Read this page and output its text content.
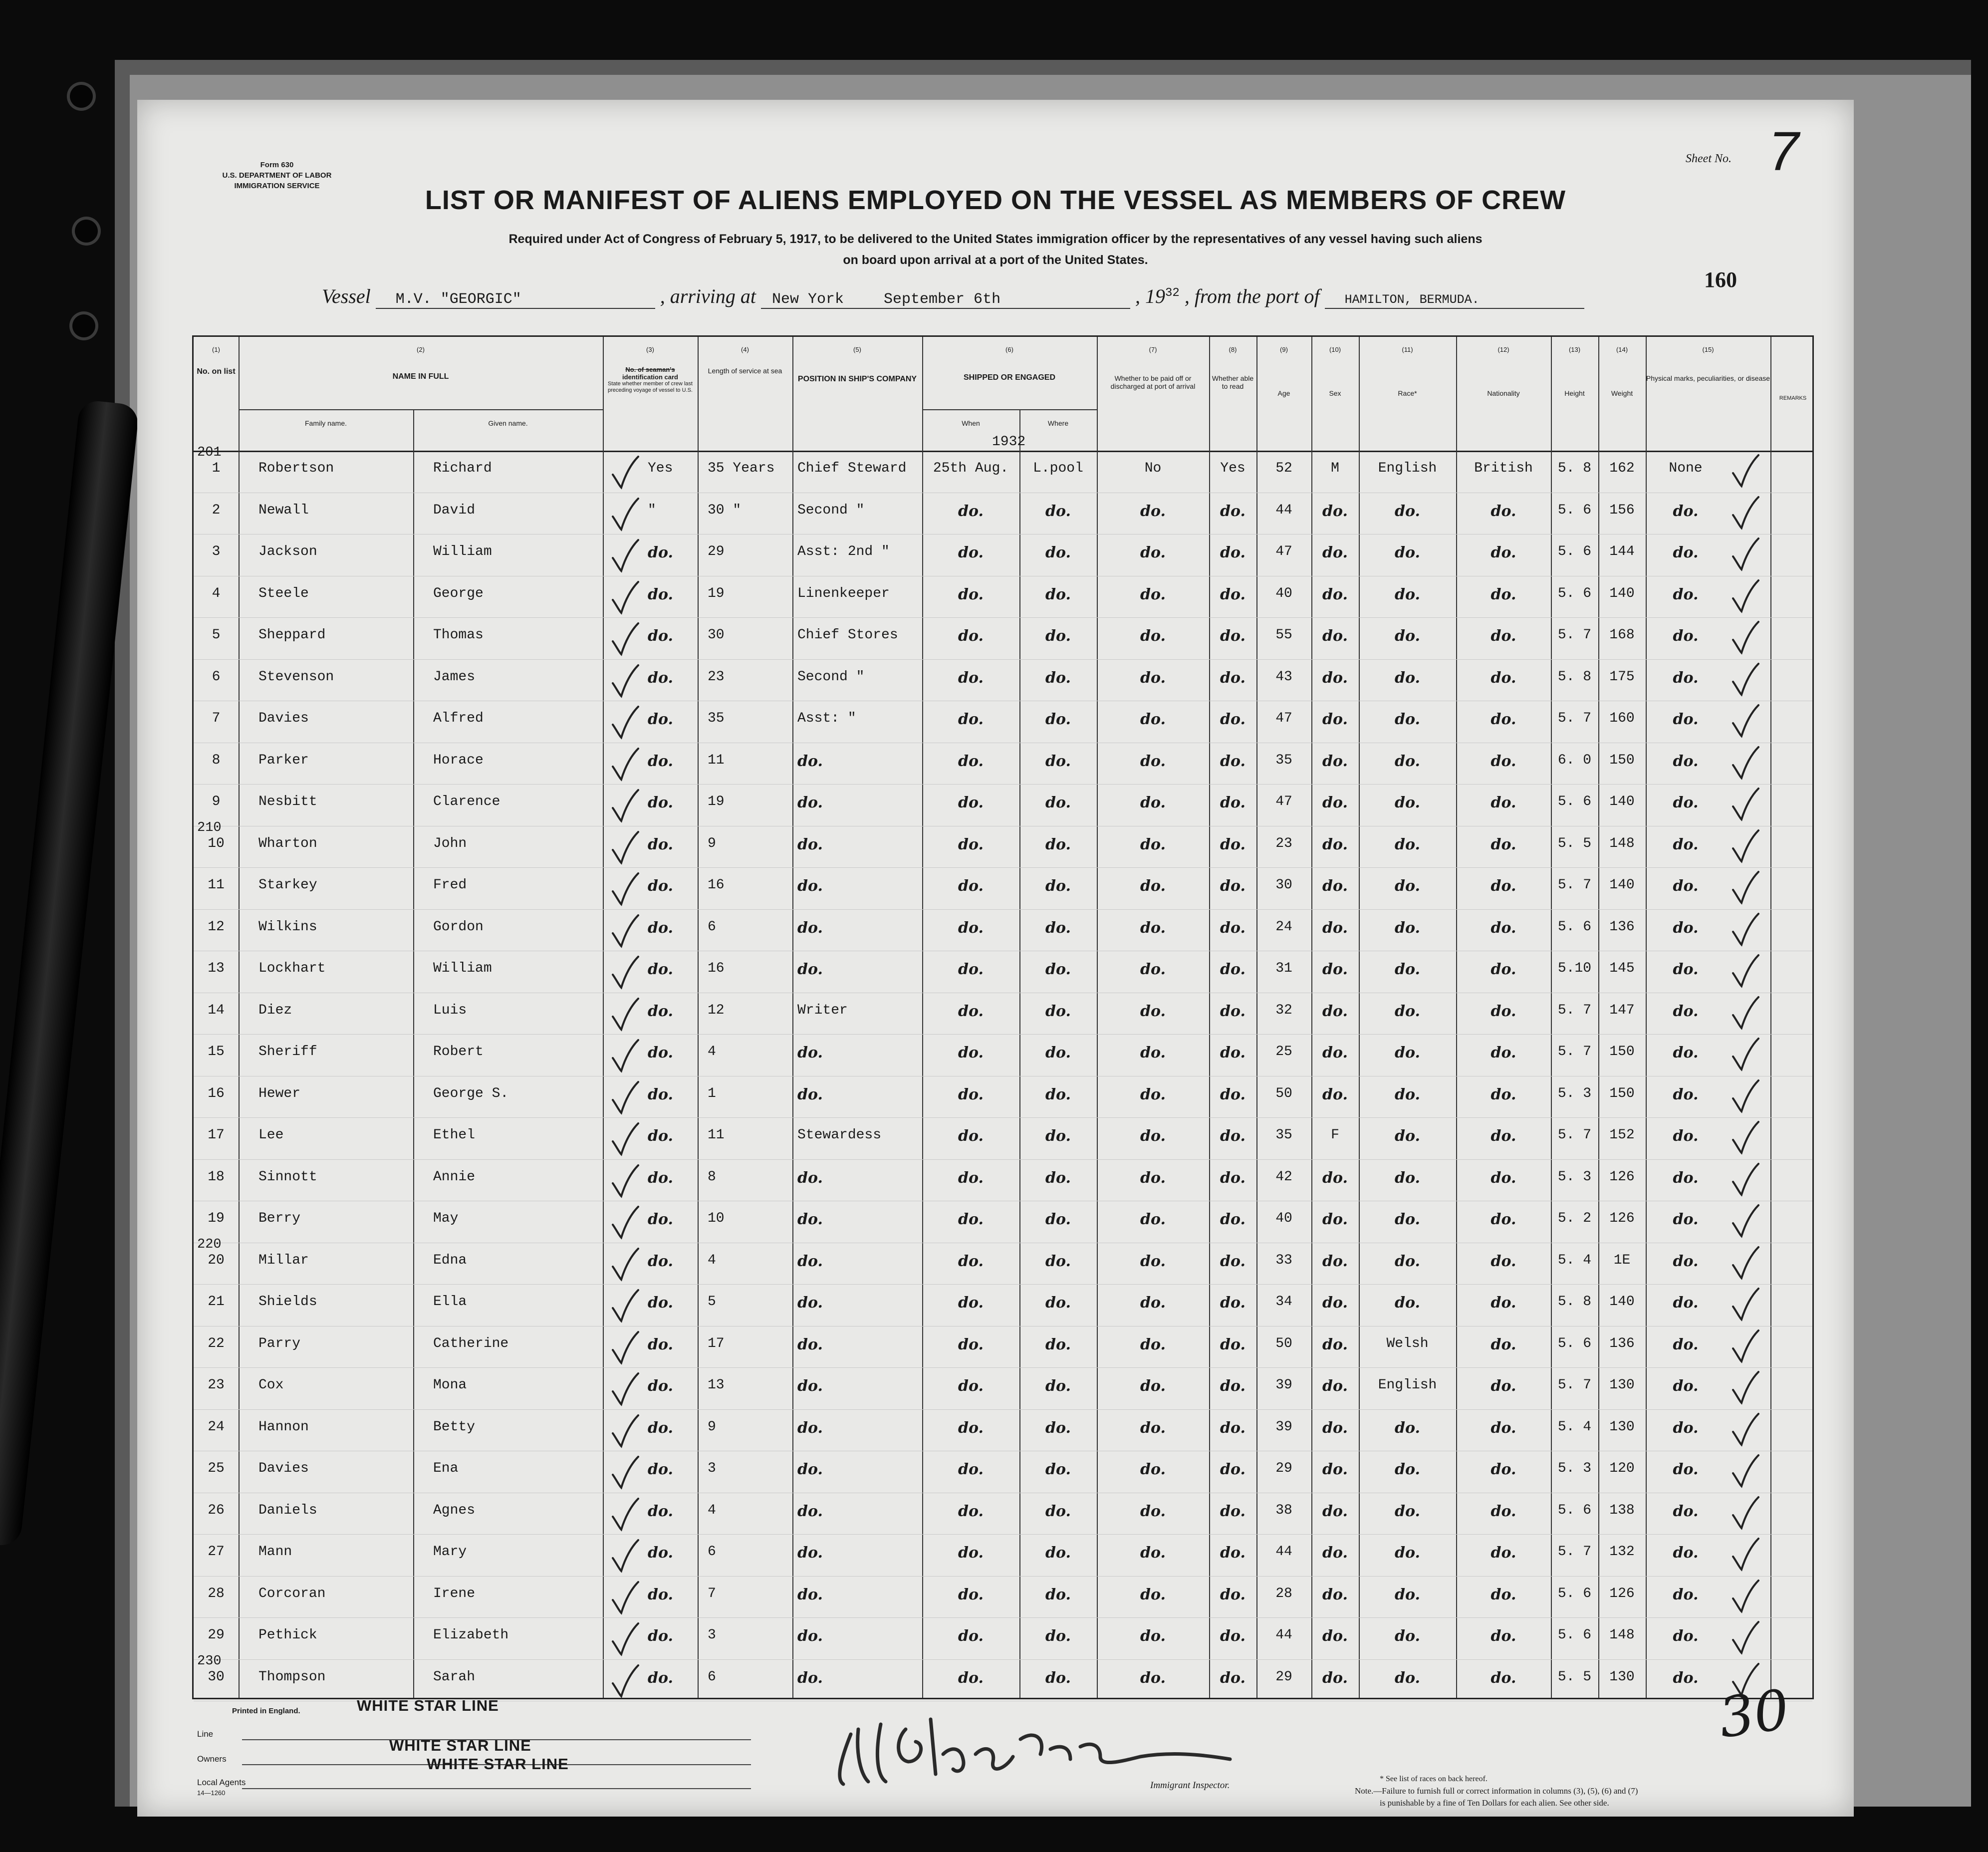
Form 630
U.S. DEPARTMENT OF LABOR
IMMIGRATION SERVICE
Sheet No. 7
LIST OR MANIFEST OF ALIENS EMPLOYED ON THE VESSEL AS MEMBERS OF CREW
Required under Act of Congress of February 5, 1917, to be delivered to the United States immigration officer by the representatives of any vessel having such aliens
on board upon arrival at a port of the United States.
Vessel M.V. "GEORGIC"	, arriving at New York	September 6th	, $19^{32}$ , from the port of HAMILTON, BERMUDA.
160
(1)	(2)	(3)	(4)	(5)	(6)	(7)	(8)	(9)	(10)	(11)	(12)	(13)	(14)	(15)
No. on list
NAME IN FULL
Family name.	Given name.
No. of seaman's
identification card
State whether member of crew last preceding voyage of vessel to U.S.
Length of service at sea
POSITION IN SHIP'S COMPANY	SHIPPED OR ENGAGED
When	Where
1932
Whether to be paid off or discharged at port of arrival
Whether able to read
Age	Sex	Race*	Nationality	Height	Weight
Physical marks, peculiarities, or disease
REMARKS
1	Robertson	Richard	Yes	35 Years	Chief Steward	25th Aug.	L.pool	No	Yes	52	M	English	British	5. 8	162	None
2	Newall	David	"	30 "	Second "	do.	do.	do.	do.	44	do.	do.	do.	5. 6	156	do.
3	Jackson	William	do.	29	Asst: 2nd "	do.	do.	do.	do.	47	do.	do.	do.	5. 6	144	do.
4	Steele	George	do.	19	Linenkeeper	do.	do.	do.	do.	40	do.	do.	do.	5. 6	140	do.
5	Sheppard	Thomas	do.	30	Chief Stores	do.	do.	do.	do.	55	do.	do.	do.	5. 7	168	do.
6	Stevenson	James	do.	23	Second "	do.	do.	do.	do.	43	do.	do.	do.	5. 8	175	do.
7	Davies	Alfred	do.	35	Asst: "	do.	do.	do.	do.	47	do.	do.	do.	5. 7	160	do.
8	Parker	Horace	do.	11	do.	do.	do.	do.	do.	35	do.	do.	do.	6. 0	150	do.
9	Nesbitt	Clarence	do.	19	do.	do.	do.	do.	do.	47	do.	do.	do.	5. 6	140	do.
10	Wharton	John	do.	9	do.	do.	do.	do.	do.	23	do.	do.	do.	5. 5	148	do.
11	Starkey	Fred	do.	16	do.	do.	do.	do.	do.	30	do.	do.	do.	5. 7	140	do.
12	Wilkins	Gordon	do.	6	do.	do.	do.	do.	do.	24	do.	do.	do.	5. 6	136	do.
13	Lockhart	William	do.	16	do.	do.	do.	do.	do.	31	do.	do.	do.	5.10	145	do.
14	Diez	Luis	do.	12	Writer	do.	do.	do.	do.	32	do.	do.	do.	5. 7	147	do.
15	Sheriff	Robert	do.	4	do.	do.	do.	do.	do.	25	do.	do.	do.	5. 7	150	do.
16	Hewer	George S.	do.	1	do.	do.	do.	do.	do.	50	do.	do.	do.	5. 3	150	do.
17	Lee	Ethel	do.	11	Stewardess	do.	do.	do.	do.	35	F	do.	do.	5. 7	152	do.
18	Sinnott	Annie	do.	8	do.	do.	do.	do.	do.	42	do.	do.	do.	5. 3	126	do.
19	Berry	May	do.	10	do.	do.	do.	do.	do.	40	do.	do.	do.	5. 2	126	do.
20	Millar	Edna	do.	4	do.	do.	do.	do.	do.	33	do.	do.	do.	5. 4	1E	do.
21	Shields	Ella	do.	5	do.	do.	do.	do.	do.	34	do.	do.	do.	5. 8	140	do.
22	Parry	Catherine	do.	17	do.	do.	do.	do.	do.	50	do.	Welsh	do.	5. 6	136	do.
23	Cox	Mona	do.	13	do.	do.	do.	do.	do.	39	do.	English	do.	5. 7	130	do.
24	Hannon	Betty	do.	9	do.	do.	do.	do.	do.	39	do.	do.	do.	5. 4	130	do.
25	Davies	Ena	do.	3	do.	do.	do.	do.	do.	29	do.	do.	do.	5. 3	120	do.
26	Daniels	Agnes	do.	4	do.	do.	do.	do.	do.	38	do.	do.	do.	5. 6	138	do.
27	Mann	Mary	do.	6	do.	do.	do.	do.	do.	44	do.	do.	do.	5. 7	132	do.
28	Corcoran	Irene	do.	7	do.	do.	do.	do.	do.	28	do.	do.	do.	5. 6	126	do.
29	Pethick	Elizabeth	do.	3	do.	do.	do.	do.	do.	44	do.	do.	do.	5. 6	148	do.
30	Thompson	Sarah	do.	6	do.	do.	do.	do.	do.	29	do.	do.	do.	5. 5	130	do.
201
210
220
230
Printed in England.
Line
Owners
Local Agents
14—1260
WHITE STAR LINE
WHITE STAR LINE
WHITE STAR LINE
Immigrant Inspector.
* See list of races on back hereof.
Note.—Failure to furnish full or correct information in columns (3), (5), (6) and (7)
is punishable by a fine of Ten Dollars for each alien. See other side.
30
